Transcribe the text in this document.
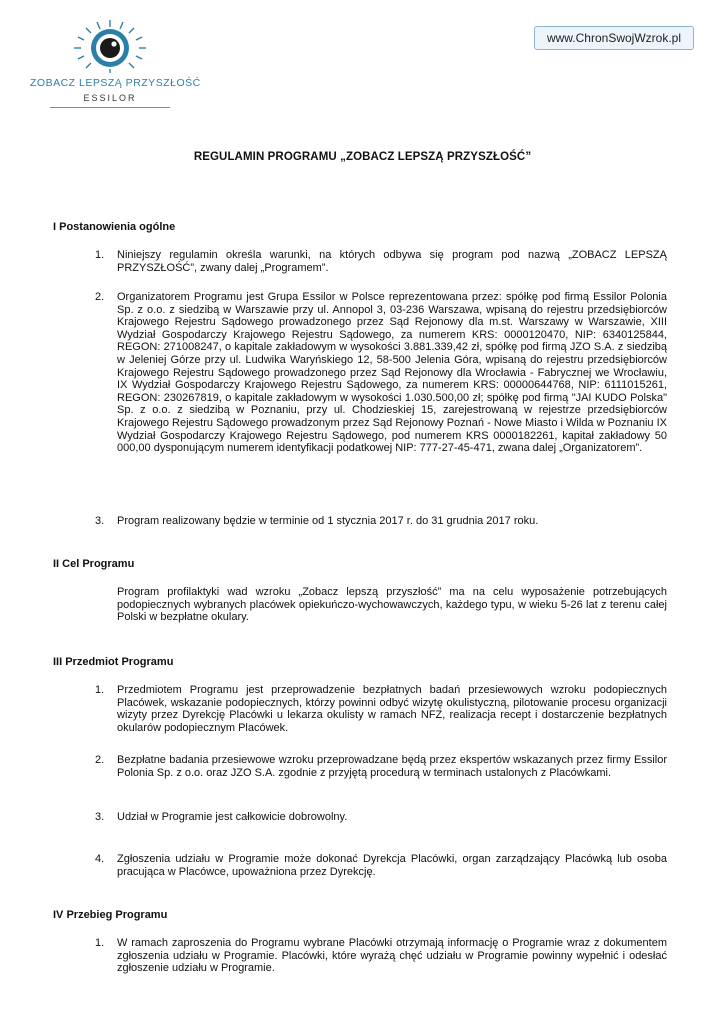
ZOBACZ LEPSZĄ PRZYSZŁOŚĆ
ESSILOR
www.ChronSwojWzrok.pl
REGULAMIN PROGRAMU „ZOBACZ LEPSZĄ PRZYSZŁOŚĆ”
I Postanowienia ogólne
1. Niniejszy regulamin określa warunki, na których odbywa się program pod nazwą „ZOBACZ LEPSZĄ PRZYSZŁOŚĆ”, zwany dalej „Programem”.
2. Organizatorem Programu jest Grupa Essilor w Polsce reprezentowana przez: spółkę pod firmą Essilor Polonia Sp. z o.o. z siedzibą w Warszawie przy ul. Annopol 3, 03-236 Warszawa, wpisaną do rejestru przedsiębiorców Krajowego Rejestru Sądowego prowadzonego przez Sąd Rejonowy dla m.st. Warszawy w Warszawie, XIII Wydział Gospodarczy Krajowego Rejestru Sądowego, za numerem KRS: 0000120470, NIP: 6340125844, REGON: 271008247, o kapitale zakładowym w wysokości 3.881.339,42 zł, spółkę pod firmą JZO S.A. z siedzibą w Jeleniej Górze przy ul. Ludwika Waryńskiego 12, 58-500 Jelenia Góra, wpisaną do rejestru przedsiębiorców Krajowego Rejestru Sądowego prowadzonego przez Sąd Rejonowy dla Wrocławia - Fabrycznej we Wrocławiu, IX Wydział Gospodarczy Krajowego Rejestru Sądowego, za numerem KRS: 00000644768, NIP: 6111015261, REGON: 230267819, o kapitale zakładowym w wysokości 1.030.500,00 zł; spółkę pod firmą "JAI KUDO Polska" Sp. z o.o. z siedzibą w Poznaniu, przy ul. Chodzieskiej 15, zarejestrowaną w rejestrze przedsiębiorców Krajowego Rejestru Sądowego prowadzonym przez Sąd Rejonowy Poznań - Nowe Miasto i Wilda w Poznaniu IX Wydział Gospodarczy Krajowego Rejestru Sądowego, pod numerem KRS 0000182261, kapitał zakładowy 50 000,00 dysponującym numerem identyfikacji podatkowej NIP: 777-27-45-471, zwana dalej „Organizatorem”.
3. Program realizowany będzie w terminie od 1 stycznia 2017 r. do 31 grudnia 2017 roku.
II Cel Programu
Program profilaktyki wad wzroku „Zobacz lepszą przyszłość” ma na celu wyposażenie potrzebujących podopiecznych wybranych placówek opiekuńczo-wychowawczych, każdego typu, w wieku 5-26 lat z terenu całej Polski w bezpłatne okulary.
III Przedmiot Programu
1. Przedmiotem Programu jest przeprowadzenie bezpłatnych badań przesiewowych wzroku podopiecznych Placówek, wskazanie podopiecznych, którzy powinni odbyć wizytę okulistyczną, pilotowanie procesu organizacji wizyty przez Dyrekcję Placówki u lekarza okulisty w ramach NFZ, realizacja recept i dostarczenie bezpłatnych okularów podopiecznym Placówek.
2. Bezpłatne badania przesiewowe wzroku przeprowadzane będą przez ekspertów wskazanych przez firmy Essilor Polonia Sp. z o.o. oraz JZO S.A. zgodnie z przyjętą procedurą w terminach ustalonych z Placówkami.
3. Udział w Programie jest całkowicie dobrowolny.
4. Zgłoszenia udziału w Programie może dokonać Dyrekcja Placówki, organ zarządzający Placówką lub osoba pracująca w Placówce, upoważniona przez Dyrekcję.
IV Przebieg Programu
1. W ramach zaproszenia do Programu wybrane Placówki otrzymają informację o Programie wraz z dokumentem zgłoszenia udziału w Programie. Placówki, które wyrażą chęć udziału w Programie powinny wypełnić i odesłać zgłoszenie udziału w Programie.
